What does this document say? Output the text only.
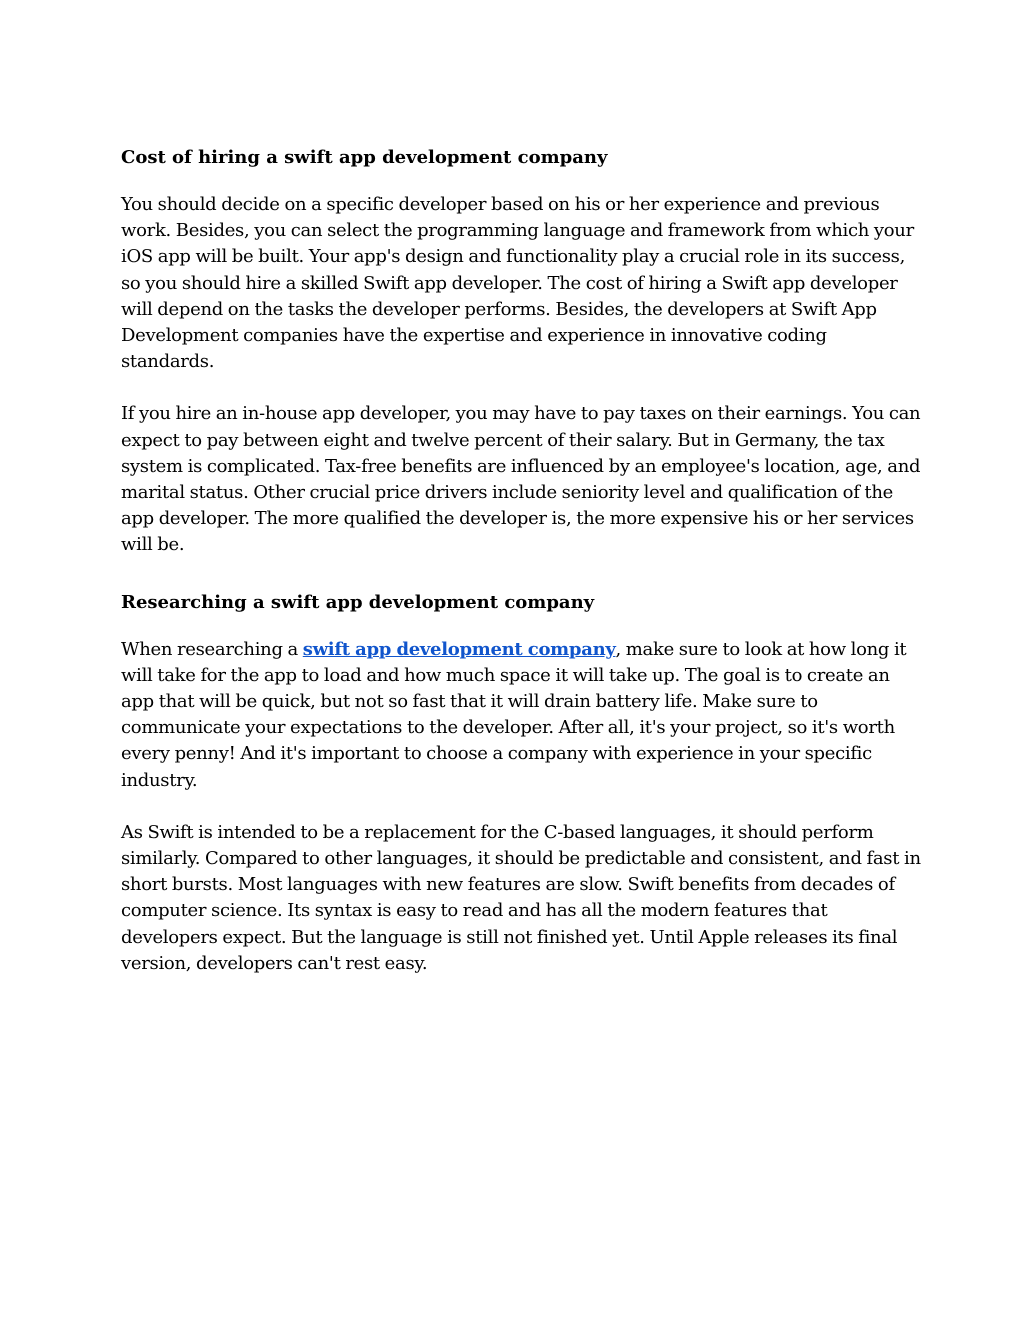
Cost of hiring a swift app development company

You should decide on a specific developer based on his or her experience and previous work. Besides, you can select the programming language and framework from which your iOS app will be built. Your app's design and functionality play a crucial role in its success, so you should hire a skilled Swift app developer. The cost of hiring a Swift app developer will depend on the tasks the developer performs. Besides, the developers at Swift App Development companies have the expertise and experience in innovative coding standards.

If you hire an in-house app developer, you may have to pay taxes on their earnings. You can expect to pay between eight and twelve percent of their salary. But in Germany, the tax system is complicated. Tax-free benefits are influenced by an employee's location, age, and marital status. Other crucial price drivers include seniority level and qualification of the app developer. The more qualified the developer is, the more expensive his or her services will be.

Researching a swift app development company

When researching a swift app development company, make sure to look at how long it will take for the app to load and how much space it will take up. The goal is to create an app that will be quick, but not so fast that it will drain battery life. Make sure to communicate your expectations to the developer. After all, it's your project, so it's worth every penny! And it's important to choose a company with experience in your specific industry.

As Swift is intended to be a replacement for the C-based languages, it should perform similarly. Compared to other languages, it should be predictable and consistent, and fast in short bursts. Most languages with new features are slow. Swift benefits from decades of computer science. Its syntax is easy to read and has all the modern features that developers expect. But the language is still not finished yet. Until Apple releases its final version, developers can't rest easy.
